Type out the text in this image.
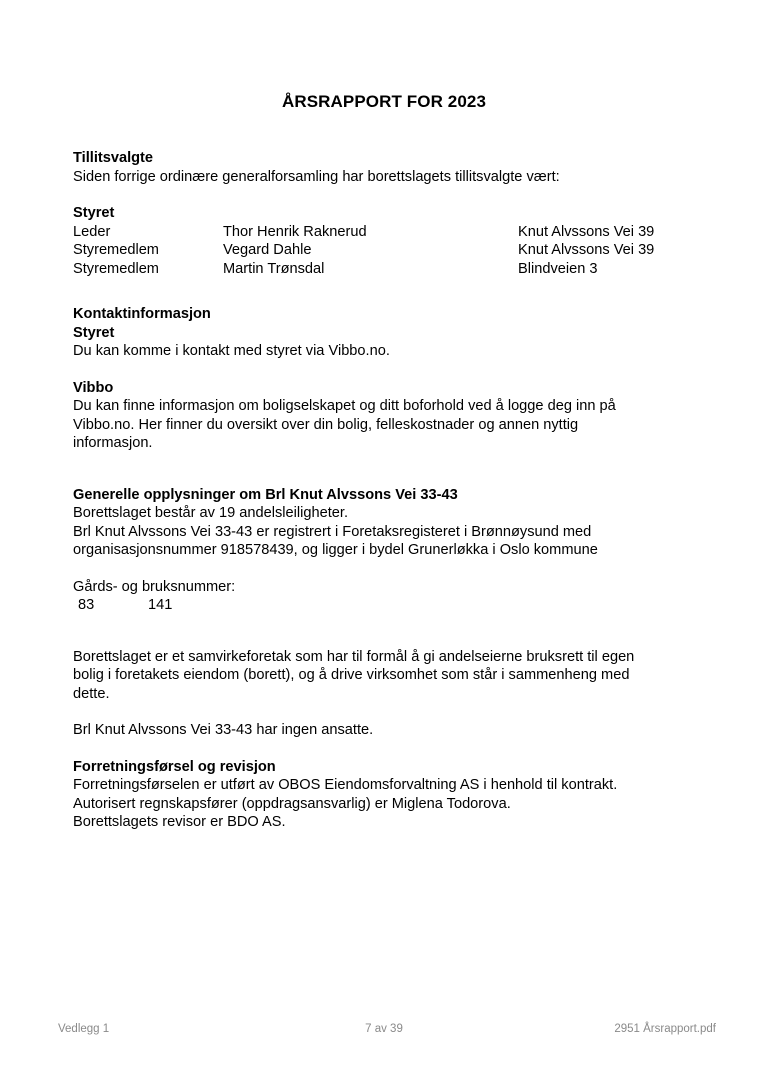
ÅRSRAPPORT FOR 2023
Tillitsvalgte
Siden forrige ordinære generalforsamling har borettslagets tillitsvalgte vært:
Styret
Leder	Thor Henrik Raknerud	Knut Alvssons Vei 39
Styremedlem	Vegard Dahle	Knut Alvssons Vei 39
Styremedlem	Martin Trønsdal	Blindveien 3
Kontaktinformasjon
Styret
Du kan komme i kontakt med styret via Vibbo.no.
Vibbo
Du kan finne informasjon om boligselskapet og ditt boforhold ved å logge deg inn på
Vibbo.no. Her finner du oversikt over din bolig, felleskostnader og annen nyttig
informasjon.
Generelle opplysninger om Brl Knut Alvssons Vei 33-43
Borettslaget består av 19 andelsleiligheter.
Brl Knut Alvssons Vei 33-43 er registrert i Foretaksregisteret i Brønnøysund med
organisasjonsnummer 918578439, og ligger i bydel Grunerløkka i Oslo kommune
Gårds- og bruksnummer:
83	141
Borettslaget er et samvirkeforetak som har til formål å gi andelseierne bruksrett til egen
bolig i foretakets eiendom (borett), og å drive virksomhet som står i sammenheng med
dette.
Brl Knut Alvssons Vei 33-43 har ingen ansatte.
Forretningsførsel og revisjon
Forretningsførselen er utført av OBOS Eiendomsforvaltning AS i henhold til kontrakt.
Autorisert regnskapsfører (oppdragsansvarlig) er Miglena Todorova.
Borettslagets revisor er BDO AS.
Vedlegg 1	7 av 39	2951 Årsrapport.pdf
